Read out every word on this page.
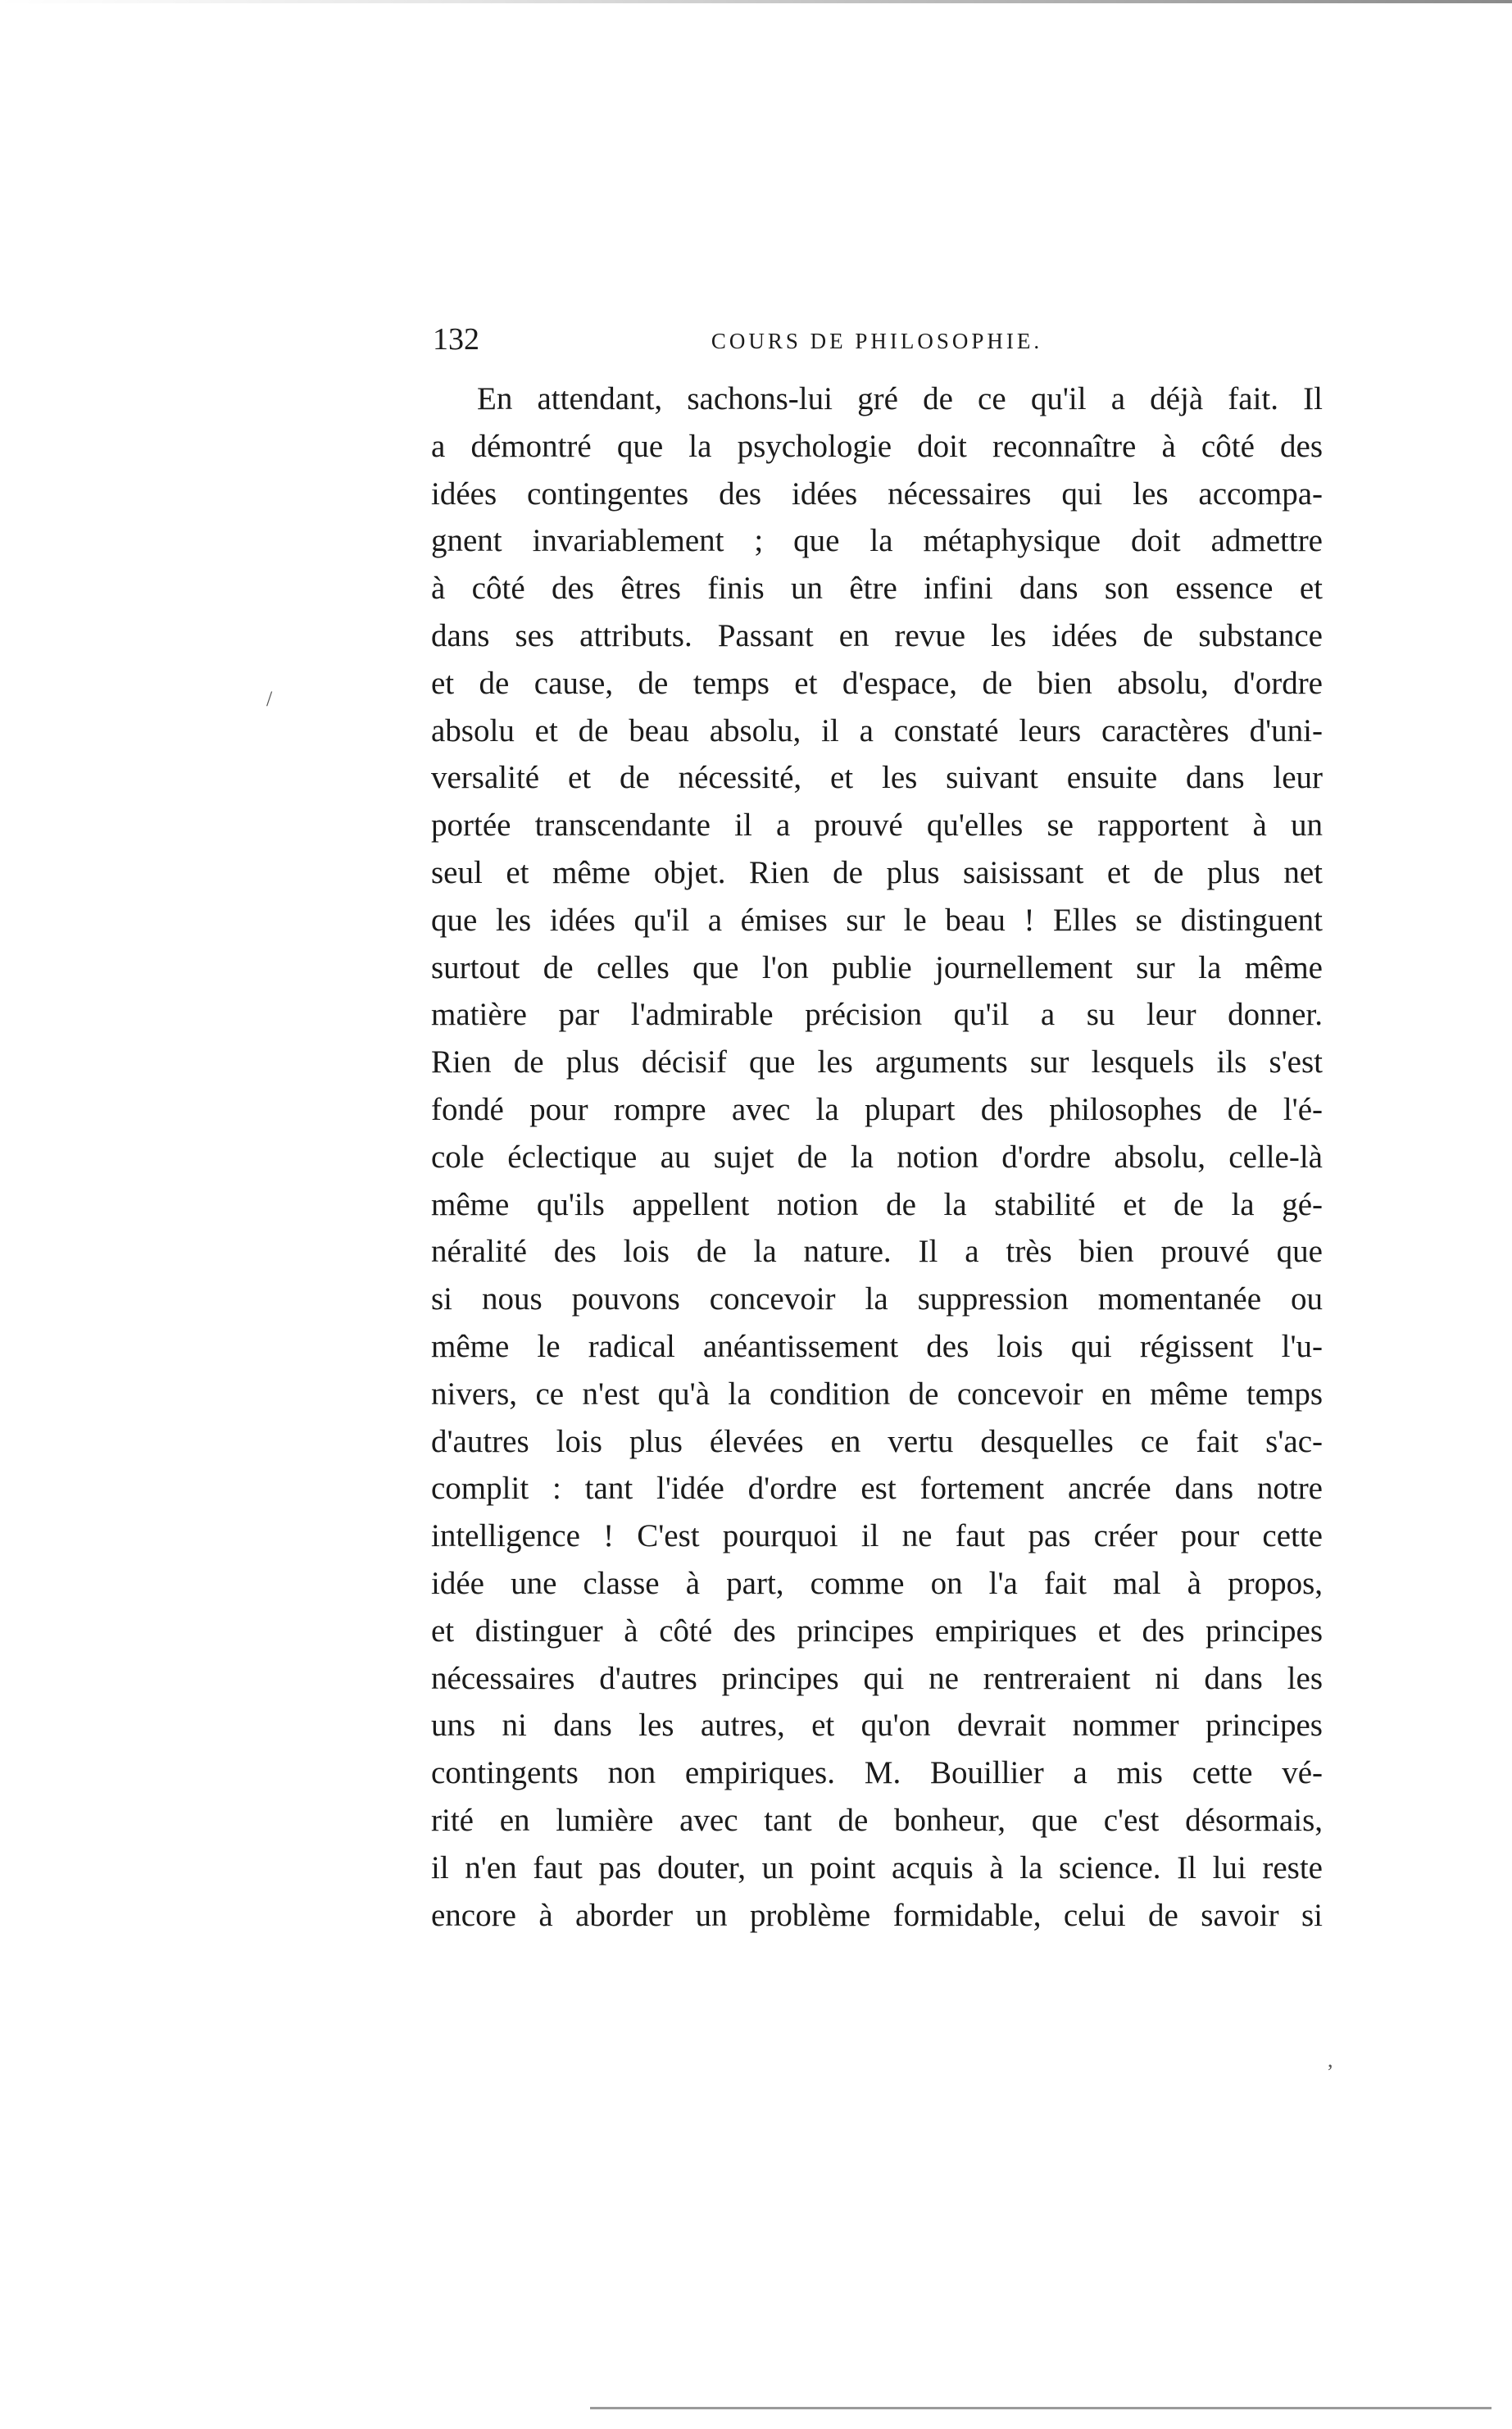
132	COURS DE PHILOSOPHIE.
En attendant, sachons-lui gré de ce qu'il a déjà fait. Il
a démontré que la psychologie doit reconnaître à côté des
idées contingentes des idées nécessaires qui les accompa-
gnent invariablement ; que la métaphysique doit admettre
à côté des êtres finis un être infini dans son essence et
dans ses attributs. Passant en revue les idées de substance
et de cause, de temps et d'espace, de bien absolu, d'ordre
absolu et de beau absolu, il a constaté leurs caractères d'uni-
versalité et de nécessité, et les suivant ensuite dans leur
portée transcendante il a prouvé qu'elles se rapportent à un
seul et même objet. Rien de plus saisissant et de plus net
que les idées qu'il a émises sur le beau ! Elles se distinguent
surtout de celles que l'on publie journellement sur la même
matière par l'admirable précision qu'il a su leur donner.
Rien de plus décisif que les arguments sur lesquels ils s'est
fondé pour rompre avec la plupart des philosophes de l'é-
cole éclectique au sujet de la notion d'ordre absolu, celle-là
même qu'ils appellent notion de la stabilité et de la gé-
néralité des lois de la nature. Il a très bien prouvé que
si nous pouvons concevoir la suppression momentanée ou
même le radical anéantissement des lois qui régissent l'u-
nivers, ce n'est qu'à la condition de concevoir en même temps
d'autres lois plus élevées en vertu desquelles ce fait s'ac-
complit : tant l'idée d'ordre est fortement ancrée dans notre
intelligence ! C'est pourquoi il ne faut pas créer pour cette
idée une classe à part, comme on l'a fait mal à propos,
et distinguer à côté des principes empiriques et des principes
nécessaires d'autres principes qui ne rentreraient ni dans les
uns ni dans les autres, et qu'on devrait nommer principes
contingents non empiriques. M. Bouillier a mis cette vé-
rité en lumière avec tant de bonheur, que c'est désormais,
il n'en faut pas douter, un point acquis à la science. Il lui reste
encore à aborder un problème formidable, celui de savoir si
/
,
